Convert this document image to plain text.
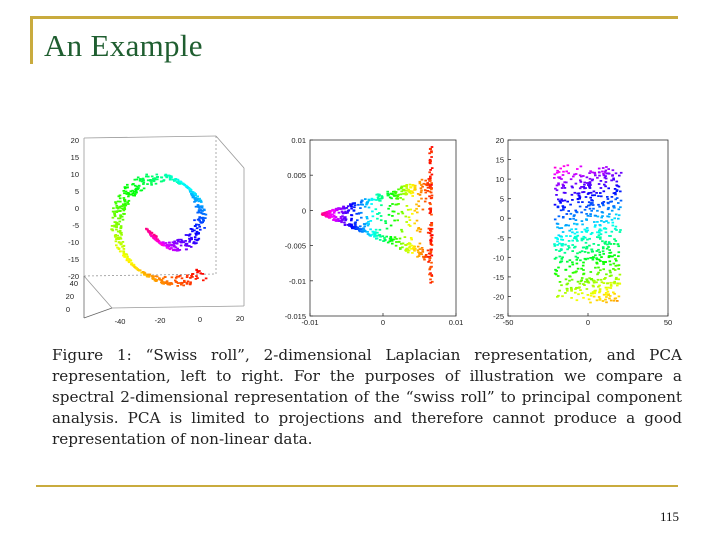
An Example
20
15
10
5
0
-5
-10
-15
-20
40
20
0
-40	-20	0	20
0.01
0.005
0
-0.005
-0.01
-0.015
-0.01	0	0.01
20
15
10
5
0
-5
-10
-15
-20
-25
-50	0	50
Figure 1: “Swiss roll”, 2-dimensional Laplacian representation, and PCA representation, left to right. For the purposes of illustration we compare a spectral 2-dimensional representation of the “swiss roll” to principal component analysis. PCA is limited to projections and therefore cannot produce a good representation of non-linear data.
115
